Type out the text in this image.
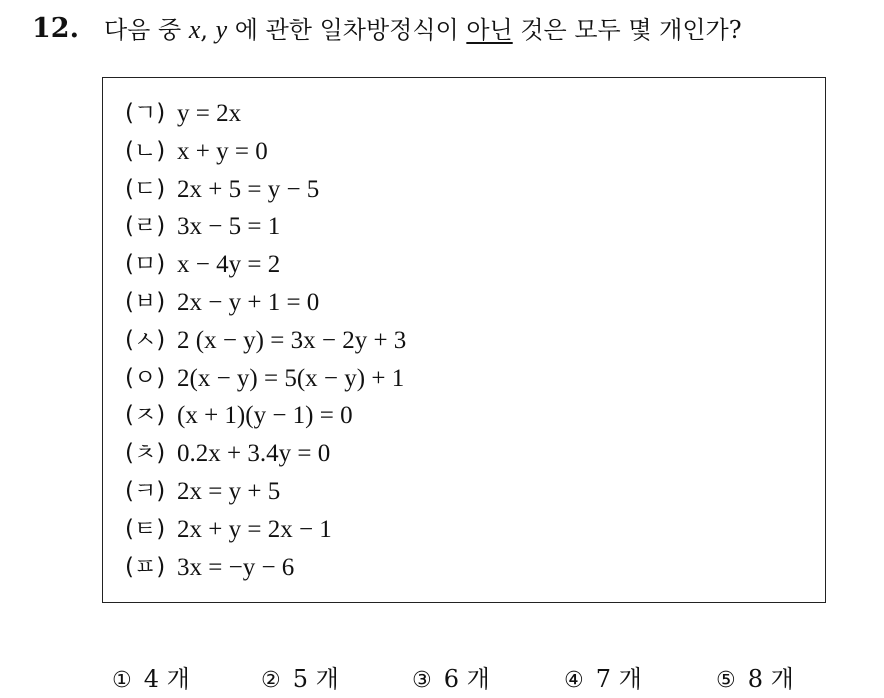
12. 다음 중 x, y 에 관한 일차방정식이 아닌 것은 모두 몇 개인가?
(ㄱ) y = 2x
(ㄴ) x + y = 0
(ㄷ) 2x + 5 = y − 5
(ㄹ) 3x − 5 = 1
(ㅁ) x − 4y = 2
(ㅂ) 2x − y + 1 = 0
(ㅅ) 2 (x − y) = 3x − 2y + 3
(ㅇ) 2(x − y) = 5(x − y) + 1
(ㅈ) (x + 1)(y − 1) = 0
(ㅊ) 0.2x + 3.4y = 0
(ㅋ) 2x = y + 5
(ㅌ) 2x + y = 2x − 1
(ㅍ) 3x = −y − 6
① 4 개	② 5 개	③ 6 개	④ 7 개	⑤ 8 개
